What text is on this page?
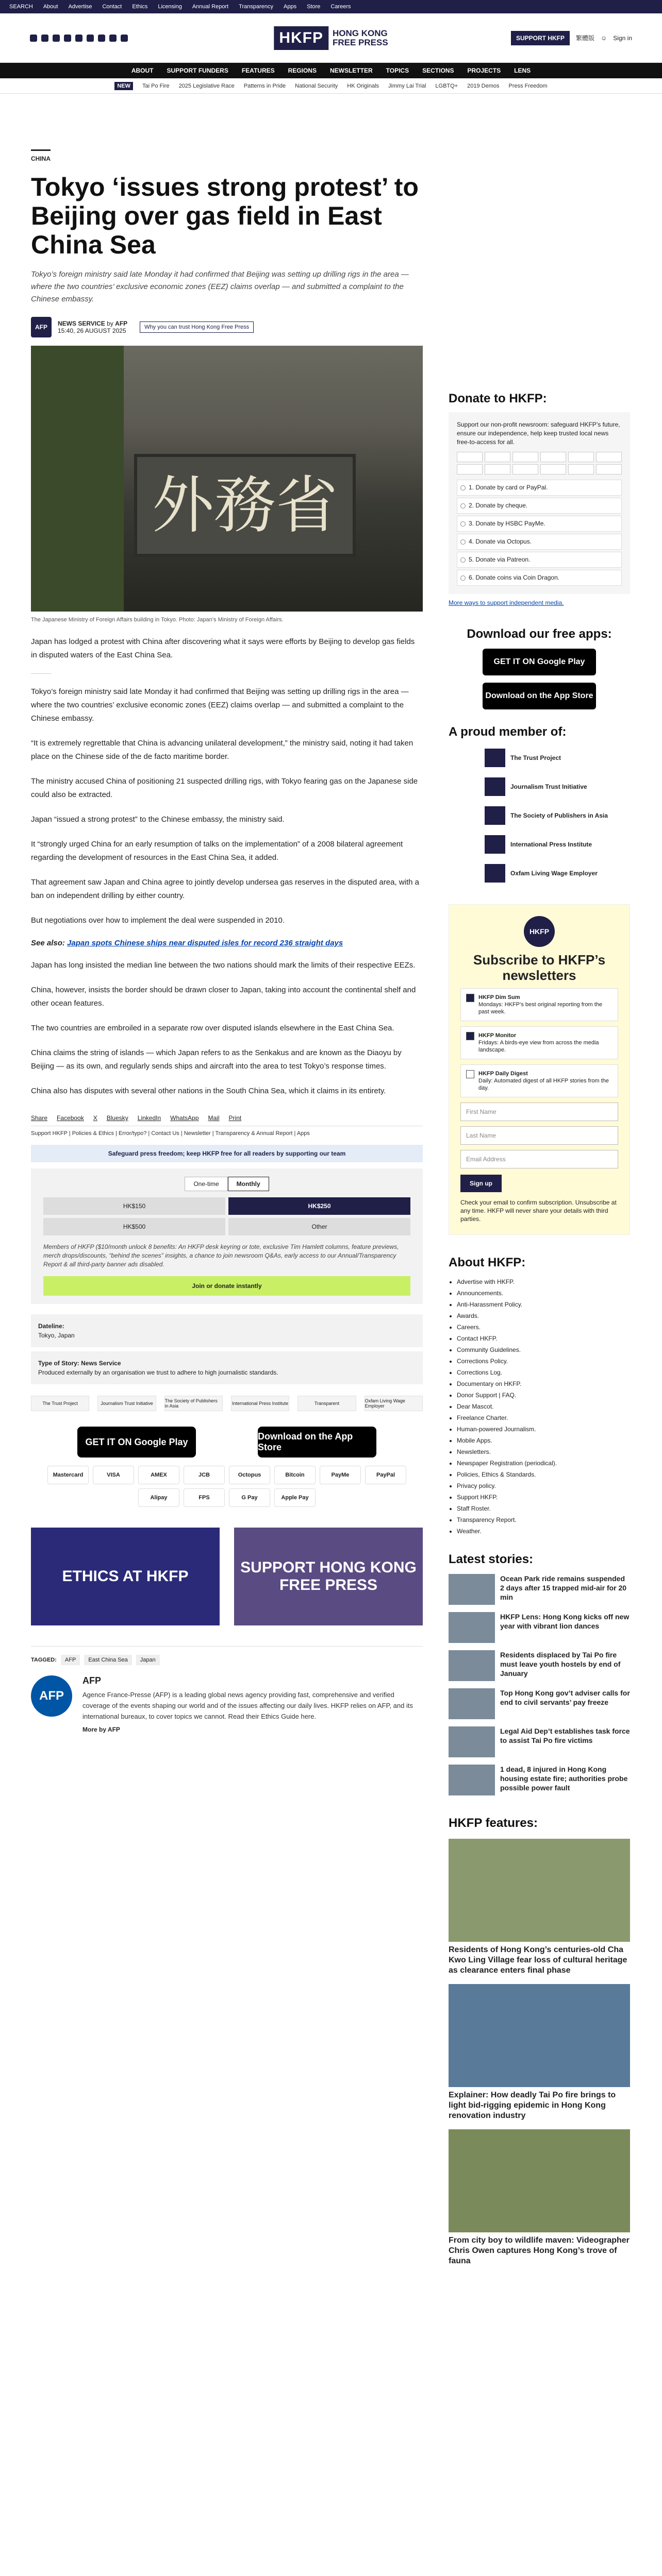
SEARCH About Advertise Contact Ethics Licensing Annual Report Transparency Apps Store Careers
HKFP	HONG KONG
FREE PRESS	SUPPORT HKFP	繁體版 ☺ Sign in
ABOUT SUPPORT FUNDERS FEATURES REGIONS NEWSLETTER TOPICS SECTIONS PROJECTS LENS
NEW	Tai Po Fire 2025 Legislative Race Patterns in Pride National Security HK Originals Jimmy Lai Trial LGBTQ+ 2019 Demos Press Freedom
CHINA
Tokyo ‘issues strong protest’ to Beijing over gas field in East China Sea

Tokyo’s foreign ministry said late Monday it had confirmed that Beijing was setting up drilling rigs in the area — where the two countries’ exclusive economic zones (EEZ) claims overlap — and submitted a complaint to the Chinese embassy.

AFP	NEWS SERVICE by AFP
15:40, 26 AUGUST 2025	Why you can trust Hong Kong Free Press
外務省

The Japanese Ministry of Foreign Affairs building in Tokyo. Photo: Japan’s Ministry of Foreign Affairs.

Japan has lodged a protest with China after discovering what it says were efforts by Beijing to develop gas fields in disputed waters of the East China Sea.

Tokyo’s foreign ministry said late Monday it had confirmed that Beijing was setting up drilling rigs in the area — where the two countries’ exclusive economic zones (EEZ) claims overlap — and submitted a complaint to the Chinese embassy.

“It is extremely regrettable that China is advancing unilateral development,” the ministry said, noting it had taken place on the Chinese side of the de facto maritime border.

The ministry accused China of positioning 21 suspected drilling rigs, with Tokyo fearing gas on the Japanese side could also be extracted.

Japan “issued a strong protest” to the Chinese embassy, the ministry said.

It “strongly urged China for an early resumption of talks on the implementation” of a 2008 bilateral agreement regarding the development of resources in the East China Sea, it added.

That agreement saw Japan and China agree to jointly develop undersea gas reserves in the disputed area, with a ban on independent drilling by either country.

But negotiations over how to implement the deal were suspended in 2010.

See also: Japan spots Chinese ships near disputed isles for record 236 straight days

Japan has long insisted the median line between the two nations should mark the limits of their respective EEZs.

China, however, insists the border should be drawn closer to Japan, taking into account the continental shelf and other ocean features.

The two countries are embroiled in a separate row over disputed islands elsewhere in the East China Sea.

China claims the string of islands — which Japan refers to as the Senkakus and are known as the Diaoyu by Beijing — as its own, and regularly sends ships and aircraft into the area to test Tokyo’s response times.

China also has disputes with several other nations in the South China Sea, which it claims in its entirety.

Share Facebook X Bluesky LinkedIn WhatsApp Mail Print

Support HKFP | Policies & Ethics | Error/typo? | Contact Us | Newsletter | Transparency & Annual Report | Apps

Safeguard press freedom; keep HKFP free for all readers by supporting our team
One-time	Monthly
HK$150	HK$250
HK$500	Other

Members of HKFP ($10/month unlock 8 benefits: An HKFP desk keyring or tote, exclusive Tim Hamlett columns, feature previews, merch drops/discounts, “behind the scenes” insights, a chance to join newsroom Q&As, early access to our Annual/Transparency Report & all third-party banner ads disabled.

Join or donate instantly
Dateline:
Tokyo, Japan
Type of Story: News Service
Produced externally by an organisation we trust to adhere to high journalistic standards.
The Trust Project	Journalism Trust Initiative	The Society of Publishers in Asia	International Press Institute	Transparent	Oxfam Living Wage Employer
GET IT ON Google Play
Download on the App Store
Mastercard	VISA	AMEX	JCB	Octopus	Bitcoin	PayMe	PayPal
Alipay	FPS	G Pay	Apple Pay
ETHICS AT HKFP
SUPPORT HONG KONG FREE PRESS
TAGGED:	AFP	East China Sea	Japan
AFP
AFP

Agence France-Presse (AFP) is a leading global news agency providing fast, comprehensive and verified coverage of the events shaping our world and of the issues affecting our daily lives. HKFP relies on AFP, and its international bureaux, to cover topics we cannot. Read their Ethics Guide here.

More by AFP

Donate to HKFP:

Support our non-profit newsroom: safeguard HKFP’s future, ensure our independence, help keep trusted local news free-to-access for all.

1. Donate by card or PayPal.
2. Donate by cheque.
3. Donate by HSBC PayMe.
4. Donate via Octopus.
5. Donate via Patreon.
6. Donate coins via Coin Dragon.

More ways to support independent media.

Download our free apps:
GET IT ON Google Play
Download on the App Store
A proud member of:
The Trust Project
Journalism Trust Initiative
The Society of Publishers in Asia
International Press Institute
Oxfam Living Wage Employer
HKFP
Subscribe to HKFP’s newsletters
HKFP Dim Sum
Mondays: HKFP’s best original reporting from the past week.
HKFP Monitor
Fridays: A birds-eye view from across the media landscape.
HKFP Daily Digest
Daily: Automated digest of all HKFP stories from the day.
First Name
Last Name
Email Address
Sign up

Check your email to confirm subscription. Unsubscribe at any time. HKFP will never share your details with third parties.

About HKFP:
• Advertise with HKFP.
• Announcements.
• Anti-Harassment Policy.
• Awards.
• Careers.
• Contact HKFP.
• Community Guidelines.
• Corrections Policy.
• Corrections Log.
• Documentary on HKFP.
• Donor Support | FAQ.
• Dear Mascot.
• Freelance Charter.
• Human-powered Journalism.
• Mobile Apps.
• Newsletters.
• Newspaper Registration (periodical).
• Policies, Ethics & Standards.
• Privacy policy.
• Support HKFP.
• Staff Roster.
• Transparency Report.
• Weather.
Latest stories:

Ocean Park ride remains suspended 2 days after 15 trapped mid-air for 20 min

HKFP Lens: Hong Kong kicks off new year with vibrant lion dances

Residents displaced by Tai Po fire must leave youth hostels by end of January

Top Hong Kong gov’t adviser calls for end to civil servants’ pay freeze

Legal Aid Dep’t establishes task force to assist Tai Po fire victims

1 dead, 8 injured in Hong Kong housing estate fire; authorities probe possible power fault

HKFP features:

Residents of Hong Kong’s centuries-old Cha Kwo Ling Village fear loss of cultural heritage as clearance enters final phase

Explainer: How deadly Tai Po fire brings to light bid-rigging epidemic in Hong Kong renovation industry

From city boy to wildlife maven: Videographer Chris Owen captures Hong Kong’s trove of fauna
